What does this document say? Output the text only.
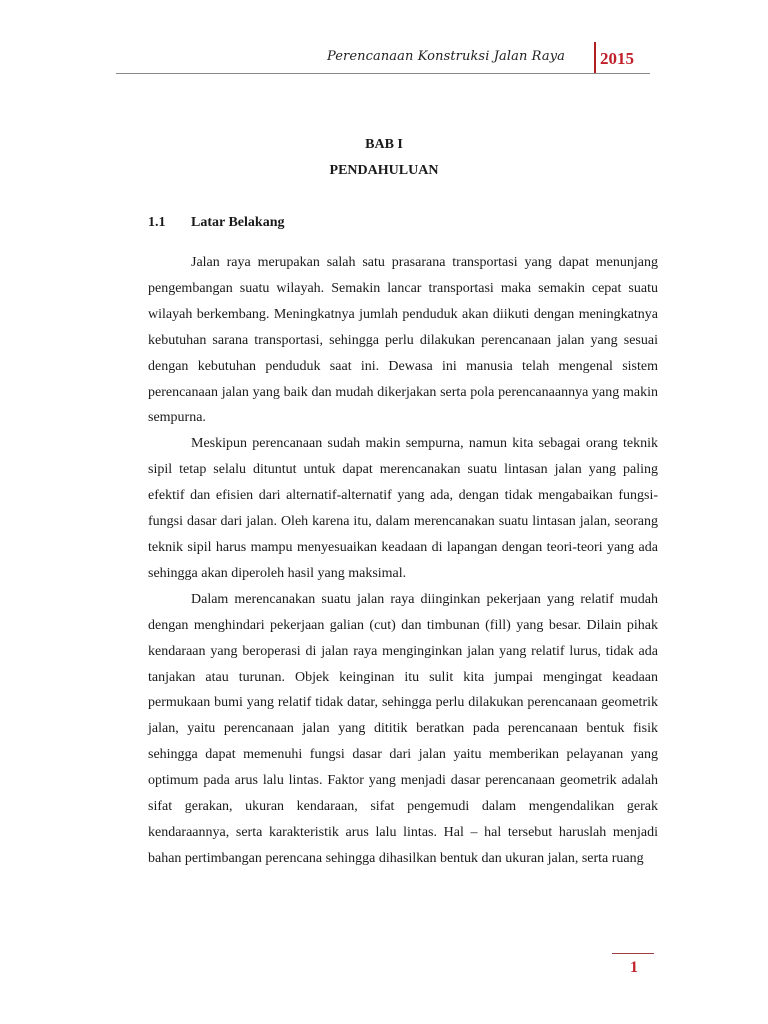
Perencanaan Konstruksi Jalan Raya	2015
BAB I
PENDAHULUAN
1.1 Latar Belakang

Jalan raya merupakan salah satu prasarana transportasi yang dapat menunjang pengembangan suatu wilayah. Semakin lancar transportasi maka semakin cepat suatu wilayah berkembang. Meningkatnya jumlah penduduk akan diikuti dengan meningkatnya kebutuhan sarana transportasi, sehingga perlu dilakukan perencanaan jalan yang sesuai dengan kebutuhan penduduk saat ini. Dewasa ini manusia telah mengenal sistem perencanaan jalan yang baik dan mudah dikerjakan serta pola perencanaannya yang makin sempurna.

Meskipun perencanaan sudah makin sempurna, namun kita sebagai orang teknik sipil tetap selalu dituntut untuk dapat merencanakan suatu lintasan jalan yang paling efektif dan efisien dari alternatif-alternatif yang ada, dengan tidak mengabaikan fungsi-fungsi dasar dari jalan. Oleh karena itu, dalam merencanakan suatu lintasan jalan, seorang teknik sipil harus mampu menyesuaikan keadaan di lapangan dengan teori-teori yang ada sehingga akan diperoleh hasil yang maksimal.

Dalam merencanakan suatu jalan raya diinginkan pekerjaan yang relatif mudah dengan menghindari pekerjaan galian (cut) dan timbunan (fill) yang besar. Dilain pihak kendaraan yang beroperasi di jalan raya menginginkan jalan yang relatif lurus, tidak ada tanjakan atau turunan. Objek keinginan itu sulit kita jumpai mengingat keadaan permukaan bumi yang relatif tidak datar, sehingga perlu dilakukan perencanaan geometrik jalan, yaitu perencanaan jalan yang dititik beratkan pada perencanaan bentuk fisik sehingga dapat memenuhi fungsi dasar dari jalan yaitu memberikan pelayanan yang optimum pada arus lalu lintas. Faktor yang menjadi dasar perencanaan geometrik adalah sifat gerakan, ukuran kendaraan, sifat pengemudi dalam mengendalikan gerak kendaraannya, serta karakteristik arus lalu lintas. Hal – hal tersebut haruslah menjadi bahan pertimbangan perencana sehingga dihasilkan bentuk dan ukuran jalan, serta ruang

1
